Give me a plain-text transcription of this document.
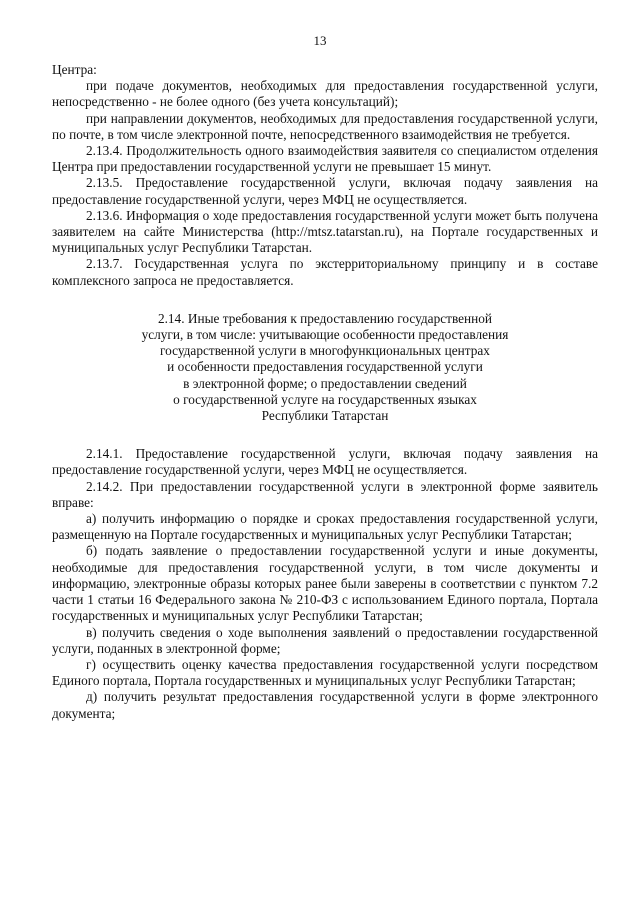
13

Центра:

при подаче документов, необходимых для предоставления государственной услуги, непосредственно - не более одного (без учета консультаций);

при направлении документов, необходимых для предоставления государственной услуги, по почте, в том числе электронной почте, непосредственного взаимодействия не требуется.

2.13.4. Продолжительность одного взаимодействия заявителя со специалистом отделения Центра при предоставлении государственной услуги не превышает 15 минут.

2.13.5. Предоставление государственной услуги, включая подачу заявления на предоставление государственной услуги, через МФЦ не осуществляется.

2.13.6. Информация о ходе предоставления государственной услуги может быть получена заявителем на сайте Министерства (http://mtsz.tatarstan.ru), на Портале государственных и муниципальных услуг Республики Татарстан.

2.13.7. Государственная услуга по экстерриториальному принципу и в составе комплексного запроса не предоставляется.

2.14. Иные требования к предоставлению государственной
услуги, в том числе: учитывающие особенности предоставления
государственной услуги в многофункциональных центрах
и особенности предоставления государственной услуги
в электронной форме; о предоставлении сведений
о государственной услуге на государственных языках
Республики Татарстан

2.14.1. Предоставление государственной услуги, включая подачу заявления на предоставление государственной услуги, через МФЦ не осуществляется.

2.14.2. При предоставлении государственной услуги в электронной форме заявитель вправе:

а) получить информацию о порядке и сроках предоставления государственной услуги, размещенную на Портале государственных и муниципальных услуг Республики Татарстан;

б) подать заявление о предоставлении государственной услуги и иные документы, необходимые для предоставления государственной услуги, в том числе документы и информацию, электронные образы которых ранее были заверены в соответствии с пунктом 7.2 части 1 статьи 16 Федерального закона № 210-ФЗ с использованием Единого портала, Портала государственных и муниципальных услуг Республики Татарстан;

в) получить сведения о ходе выполнения заявлений о предоставлении государственной услуги, поданных в электронной форме;

г) осуществить оценку качества предоставления государственной услуги посредством Единого портала, Портала государственных и муниципальных услуг Республики Татарстан;

д) получить результат предоставления государственной услуги в форме электронного документа;
